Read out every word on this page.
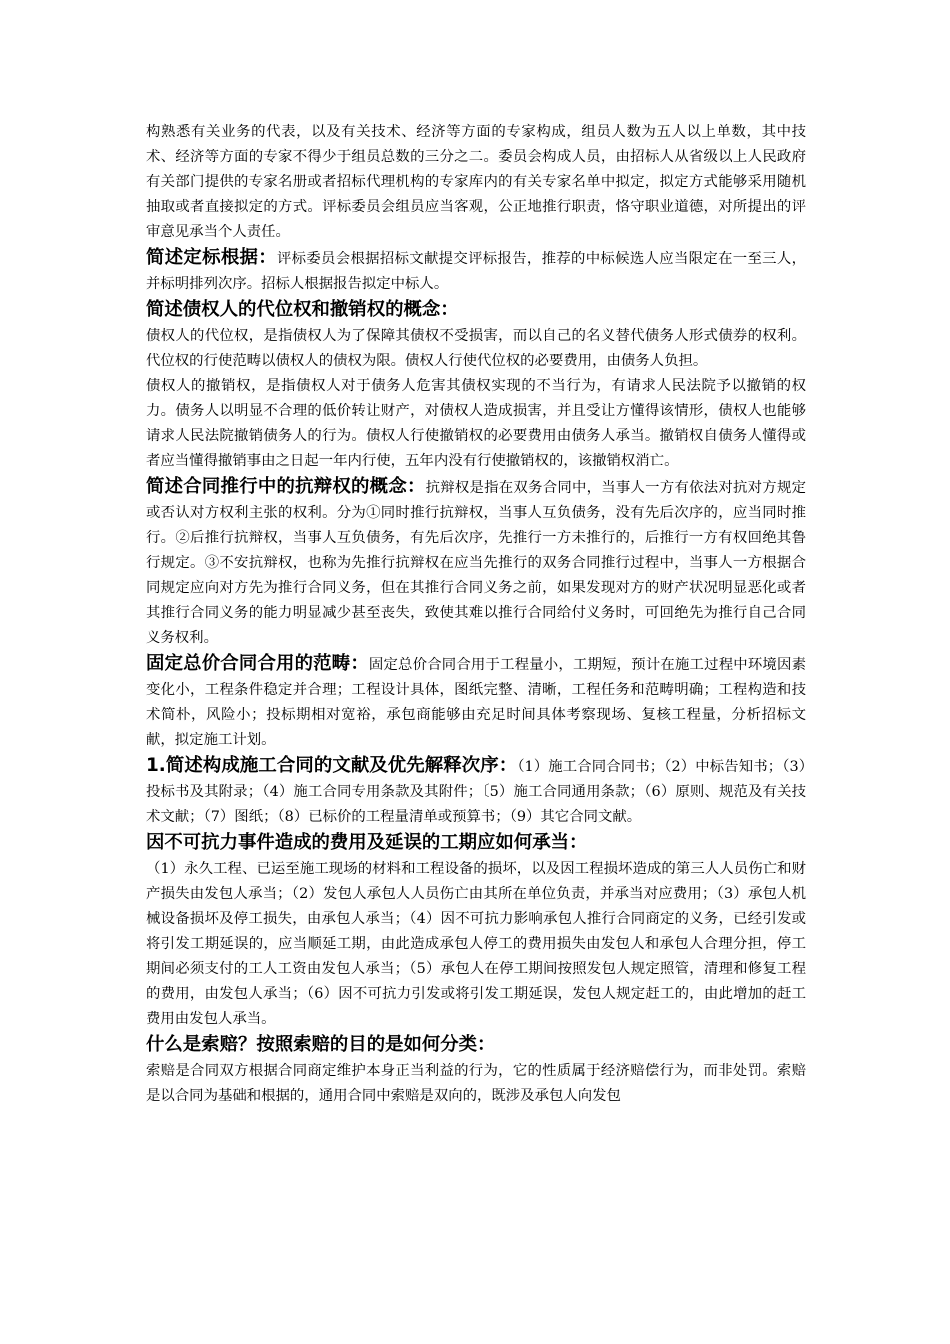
构熟悉有关业务的代表，以及有关技术、经济等方面的专家构成，组员人数为五人以上单数，其中技术、经济等方面的专家不得少于组员总数的三分之二。委员会构成人员，由招标人从省级以上人民政府有关部门提供的专家名册或者招标代理机构的专家库内的有关专家名单中拟定，拟定方式能够采用随机抽取或者直接拟定的方式。评标委员会组员应当客观，公正地推行职责，恪守职业道德，对所提出的评审意见承当个人责任。

简述定标根据：评标委员会根据招标文献提交评标报告，推荐的中标候选人应当限定在一至三人，并标明排列次序。招标人根据报告拟定中标人。

简述债权人的代位权和撤销权的概念：

债权人的代位权，是指债权人为了保障其债权不受损害，而以自己的名义替代债务人形式债券的权利。代位权的行使范畴以债权人的债权为限。债权人行使代位权的必要费用，由债务人负担。

债权人的撤销权，是指债权人对于债务人危害其债权实现的不当行为，有请求人民法院予以撤销的权力。债务人以明显不合理的低价转让财产，对债权人造成损害，并且受让方懂得该情形，债权人也能够请求人民法院撤销债务人的行为。债权人行使撤销权的必要费用由债务人承当。撤销权自债务人懂得或者应当懂得撤销事由之日起一年内行使，五年内没有行使撤销权的，该撤销权消亡。

简述合同推行中的抗辩权的概念：抗辩权是指在双务合同中，当事人一方有依法对抗对方规定或否认对方权利主张的权利。分为①同时推行抗辩权，当事人互负债务，没有先后次序的，应当同时推行。②后推行抗辩权，当事人互负债务，有先后次序，先推行一方未推行的，后推行一方有权回绝其鲁行规定。③不安抗辩权，也称为先推行抗辩权在应当先推行的双务合同推行过程中，当事人一方根据合同规定应向对方先为推行合同义务，但在其推行合同义务之前，如果发现对方的财产状况明显恶化或者其推行合同义务的能力明显减少甚至丧失，致使其难以推行合同给付义务时，可回绝先为推行自己合同义务权利。

固定总价合同合用的范畴：固定总价合同合用于工程量小，工期短，预计在施工过程中环境因素变化小，工程条件稳定并合理；工程设计具体，图纸完整、清晰，工程任务和范畴明确；工程构造和技术简朴，风险小；投标期相对宽裕，承包商能够由充足时间具体考察现场、复核工程量，分析招标文献，拟定施工计划。

1.简述构成施工合同的文献及优先解释次序：（1）施工合同合同书；（2）中标告知书；（3）投标书及其附录；（4）施工合同专用条款及其附件；〔5）施工合同通用条款；（6）原则、规范及有关技术文献；（7）图纸；（8）已标价的工程量清单或预算书；（9）其它合同文献。

因不可抗力事件造成的费用及延误的工期应如何承当：

（1）永久工程、已运至施工现场的材料和工程设备的损坏，以及因工程损坏造成的第三人人员伤亡和财产损失由发包人承当；（2）发包人承包人人员伤亡由其所在单位负责，并承当对应费用；（3）承包人机械设备损坏及停工损失，由承包人承当；（4）因不可抗力影响承包人推行合同商定的义务，已经引发或将引发工期延误的，应当顺延工期，由此造成承包人停工的费用损失由发包人和承包人合理分担，停工期间必须支付的工人工资由发包人承当；（5）承包人在停工期间按照发包人规定照管，清理和修复工程的费用，由发包人承当；（6）因不可抗力引发或将引发工期延误，发包人规定赶工的，由此增加的赶工费用由发包人承当。

什么是索赔？按照索赔的目的是如何分类：

索赔是合同双方根据合同商定维护本身正当利益的行为，它的性质属于经济赔偿行为，而非处罚。索赔是以合同为基础和根据的，通用合同中索赔是双向的，既涉及承包人向发包
